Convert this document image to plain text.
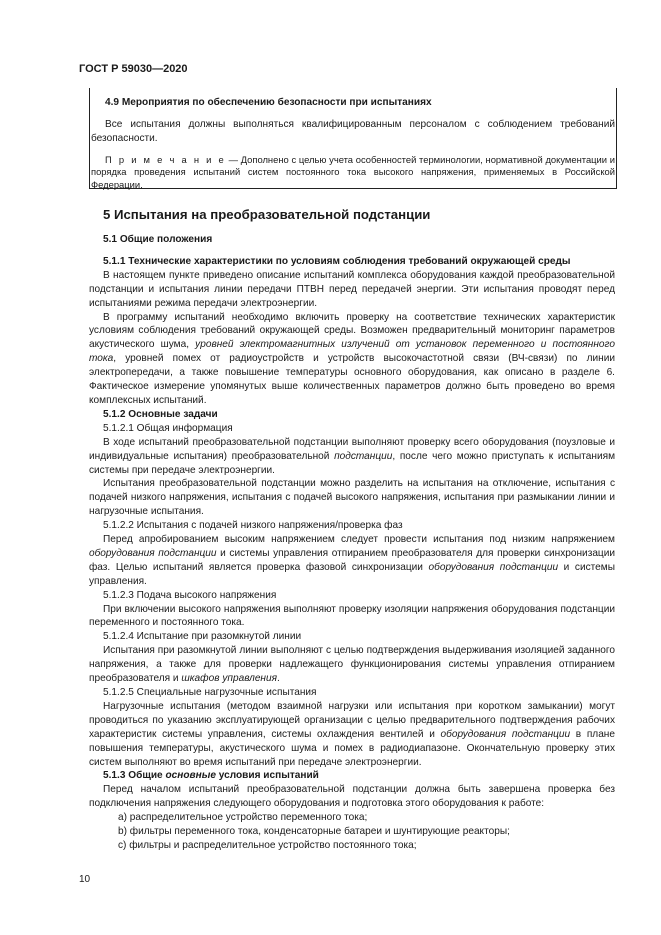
ГОСТ Р 59030—2020

4.9 Мероприятия по обеспечению безопасности при испытаниях

Все испытания должны выполняться квалифицированным персоналом с соблюдением требований безопасности.

П р и м е ч а н и е — Дополнено с целью учета особенностей терминологии, нормативной документации и порядка проведения испытаний систем постоянного тока высокого напряжения, применяемых в Российской Федерации.

5 Испытания на преобразовательной подстанции

5.1 Общие положения

5.1.1 Технические характеристики по условиям соблюдения требований окружающей среды

В настоящем пункте приведено описание испытаний комплекса оборудования каждой преобразовательной подстанции и испытания линии передачи ПТВН перед передачей энергии. Эти испытания проводят перед испытаниями режима передачи электроэнергии.

В программу испытаний необходимо включить проверку на соответствие технических характеристик условиям соблюдения требований окружающей среды. Возможен предварительный мониторинг параметров акустического шума, уровней электромагнитных излучений от установок переменного и постоянного тока, уровней помех от радиоустройств и устройств высокочастотной связи (ВЧ-связи) по линии электропередачи, а также повышение температуры основного оборудования, как описано в разделе 6. Фактическое измерение упомянутых выше количественных параметров должно быть проведено во время комплексных испытаний.

5.1.2 Основные задачи

5.1.2.1 Общая информация

В ходе испытаний преобразовательной подстанции выполняют проверку всего оборудования (поузловые и индивидуальные испытания) преобразовательной подстанции, после чего можно приступать к испытаниям системы при передаче электроэнергии.

Испытания преобразовательной подстанции можно разделить на испытания на отключение, испытания с подачей низкого напряжения, испытания с подачей высокого напряжения, испытания при размыкании линии и нагрузочные испытания.

5.1.2.2 Испытания с подачей низкого напряжения/проверка фаз

Перед апробированием высоким напряжением следует провести испытания под низким напряжением оборудования подстанции и системы управления отпиранием преобразователя для проверки синхронизации фаз. Целью испытаний является проверка фазовой синхронизации оборудования подстанции и системы управления.

5.1.2.3 Подача высокого напряжения

При включении высокого напряжения выполняют проверку изоляции напряжения оборудования подстанции переменного и постоянного тока.

5.1.2.4 Испытание при разомкнутой линии

Испытания при разомкнутой линии выполняют с целью подтверждения выдерживания изоляцией заданного напряжения, а также для проверки надлежащего функционирования системы управления отпиранием преобразователя и шкафов управления.

5.1.2.5 Специальные нагрузочные испытания

Нагрузочные испытания (методом взаимной нагрузки или испытания при коротком замыкании) могут проводиться по указанию эксплуатирующей организации с целью предварительного подтверждения рабочих характеристик системы управления, системы охлаждения вентилей и оборудования подстанции в плане повышения температуры, акустического шума и помех в радиодиапазоне. Окончательную проверку этих систем выполняют во время испытаний при передаче электроэнергии.

5.1.3 Общие основные условия испытаний

Перед началом испытаний преобразовательной подстанции должна быть завершена проверка без подключения напряжения следующего оборудования и подготовка этого оборудования к работе:

a) распределительное устройство переменного тока;

b) фильтры переменного тока, конденсаторные батареи и шунтирующие реакторы;

c) фильтры и распределительное устройство постоянного тока;

10
